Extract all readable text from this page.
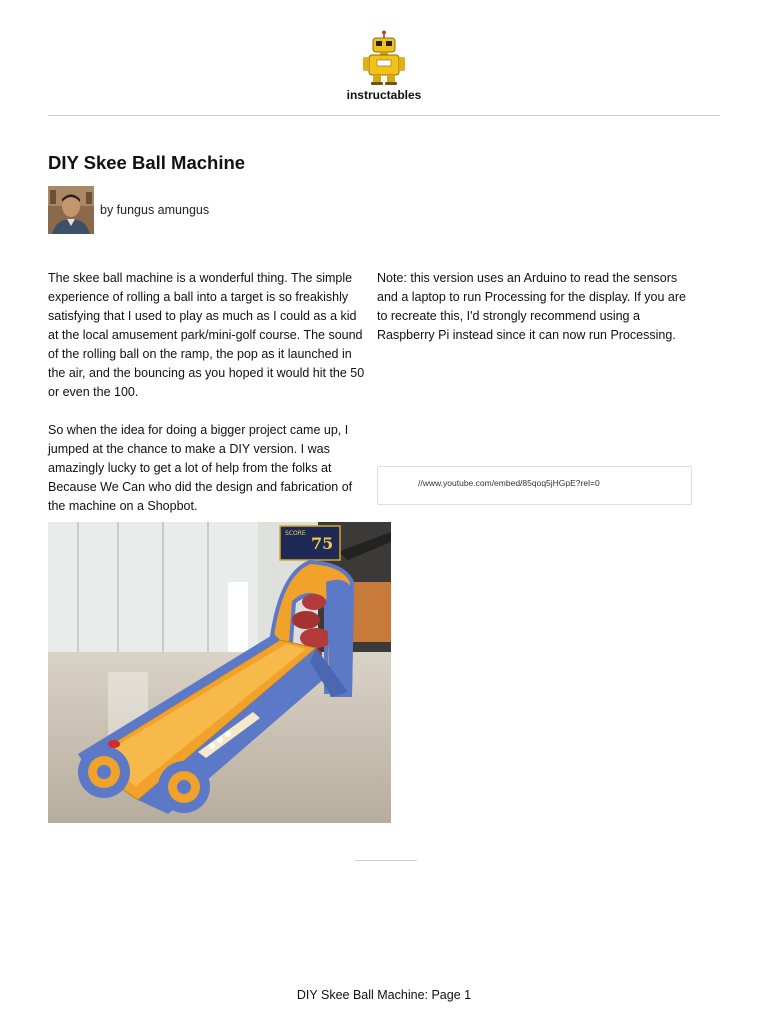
instructables
DIY Skee Ball Machine
by fungus amungus

The skee ball machine is a wonderful thing. The simple experience of rolling a ball into a target is so freakishly satisfying that I used to play as much as I could as a kid at the local amusement park/mini-golf course. The sound of the rolling ball on the ramp, the pop as it launched in the air, and the bouncing as you hoped it would hit the 50 or even the 100.

So when the idea for doing a bigger project came up, I jumped at the chance to make a DIY version. I was amazingly lucky to get a lot of help from the folks at Because We Can who did the design and fabrication of the machine on a Shopbot.

Note: this version uses an Arduino to read the sensors and a laptop to run Processing for the display. If you are to recreate this, I'd strongly recommend using a Raspberry Pi instead since it can now run Processing.

//www.youtube.com/embed/85qoq5jHGpE?rel=0
SCORE
75
DIY Skee Ball Machine: Page 1
